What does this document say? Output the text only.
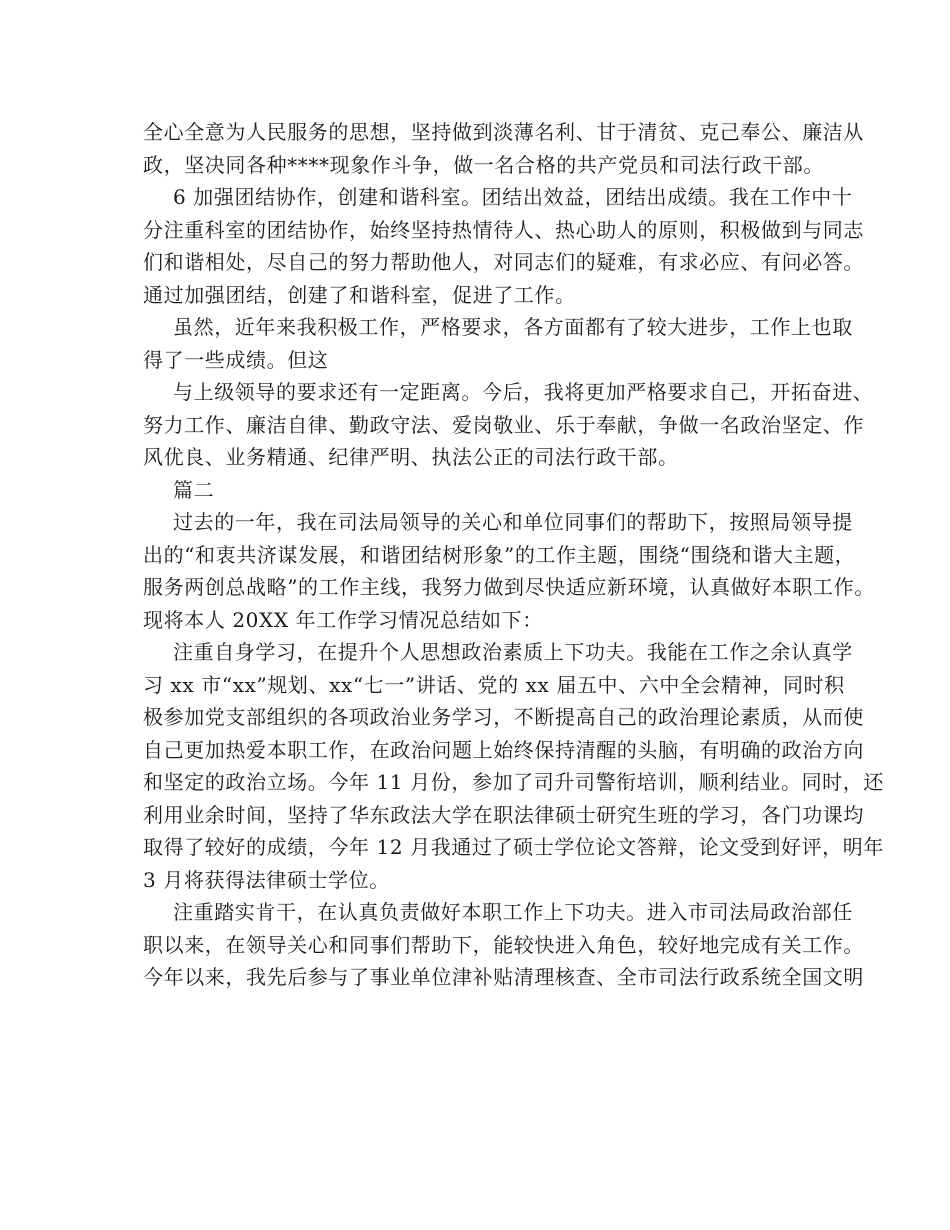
全心全意为人民服务的思想，坚持做到淡薄名利、甘于清贫、克己奉公、廉洁从
政，坚决同各种****现象作斗争，做一名合格的共产党员和司法行政干部。
6 加强团结协作，创建和谐科室。团结出效益，团结出成绩。我在工作中十
分注重科室的团结协作，始终坚持热情待人、热心助人的原则，积极做到与同志
们和谐相处，尽自己的努力帮助他人，对同志们的疑难，有求必应、有问必答。
通过加强团结，创建了和谐科室，促进了工作。
虽然，近年来我积极工作，严格要求，各方面都有了较大进步，工作上也取
得了一些成绩。但这
与上级领导的要求还有一定距离。今后，我将更加严格要求自己，开拓奋进、
努力工作、廉洁自律、勤政守法、爱岗敬业、乐于奉献，争做一名政治坚定、作
风优良、业务精通、纪律严明、执法公正的司法行政干部。
篇二
过去的一年，我在司法局领导的关心和单位同事们的帮助下，按照局领导提
出的“和衷共济谋发展，和谐团结树形象”的工作主题，围绕“围绕和谐大主题，
服务两创总战略”的工作主线，我努力做到尽快适应新环境，认真做好本职工作。
现将本人 20XX 年工作学习情况总结如下：
注重自身学习，在提升个人思想政治素质上下功夫。我能在工作之余认真学
习 xx 市“xx”规划、xx“七一”讲话、党的 xx 届五中、六中全会精神，同时积
极参加党支部组织的各项政治业务学习，不断提高自己的政治理论素质，从而使
自己更加热爱本职工作，在政治问题上始终保持清醒的头脑，有明确的政治方向
和坚定的政治立场。今年 11 月份，参加了司升司警衔培训，顺利结业。同时，还
利用业余时间，坚持了华东政法大学在职法律硕士研究生班的学习，各门功课均
取得了较好的成绩，今年 12 月我通过了硕士学位论文答辩，论文受到好评，明年
3 月将获得法律硕士学位。
注重踏实肯干，在认真负责做好本职工作上下功夫。进入市司法局政治部任
职以来，在领导关心和同事们帮助下，能较快进入角色，较好地完成有关工作。
今年以来，我先后参与了事业单位津补贴清理核查、全市司法行政系统全国文明
